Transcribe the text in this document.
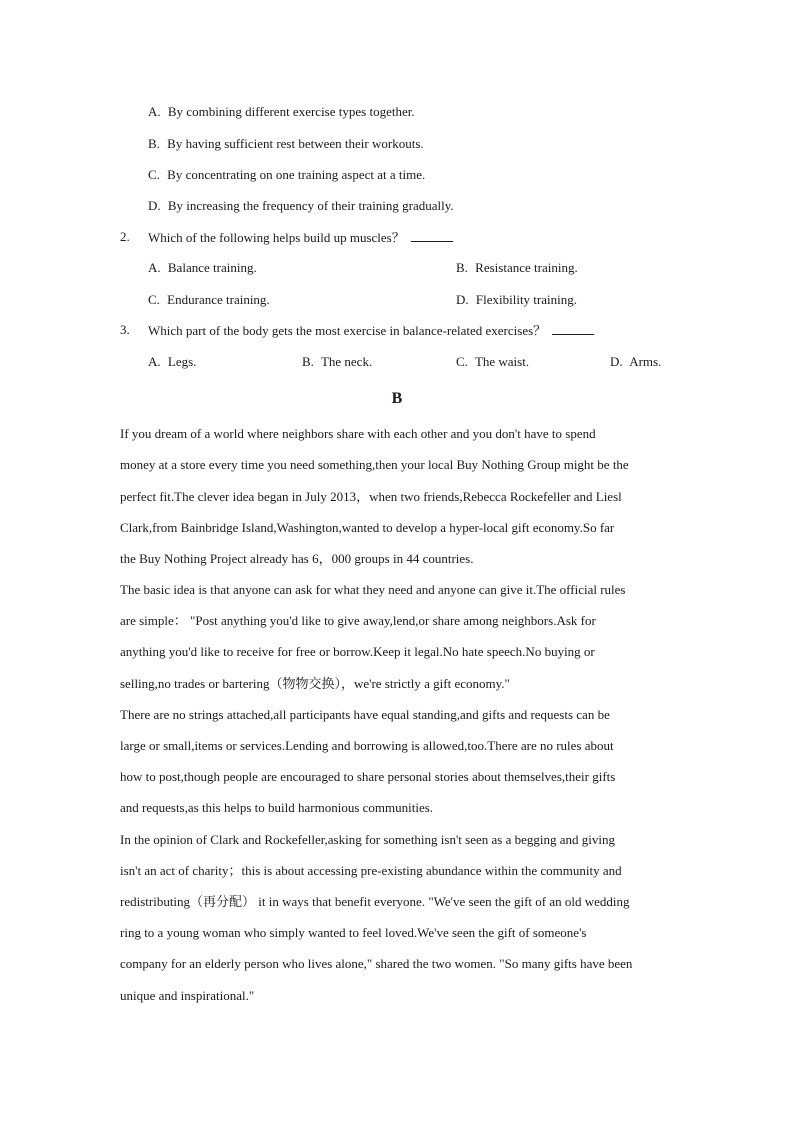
A. By combining different exercise types together.
B. By having sufficient rest between their workouts.
C. By concentrating on one training aspect at a time.
D. By increasing the frequency of their training gradually.
2. Which of the following helps build up muscles？
A. Balance training.	B. Resistance training.
C. Endurance training.	D. Flexibility training.
3. Which part of the body gets the most exercise in balance-related exercises？
A. Legs.	B. The neck.	C. The waist.	D. Arms.
B
If you dream of a world where neighbors share with each other and you don't have to spend
money at a store every time you need something,then your local Buy Nothing Group might be the
perfect fit.The clever idea began in July 2013，when two friends,Rebecca Rockefeller and Liesl
Clark,from Bainbridge Island,Washington,wanted to develop a hyper-local gift economy.So far
the Buy Nothing Project already has 6，000 groups in 44 countries.
The basic idea is that anyone can ask for what they need and anyone can give it.The official rules
are simple： "Post anything you'd like to give away,lend,or share among neighbors.Ask for
anything you'd like to receive for free or borrow.Keep it legal.No hate speech.No buying or
selling,no trades or bartering（物物交换），we're strictly a gift economy."
There are no strings attached,all participants have equal standing,and gifts and requests can be
large or small,items or services.Lending and borrowing is allowed,too.There are no rules about
how to post,though people are encouraged to share personal stories about themselves,their gifts
and requests,as this helps to build harmonious communities.
In the opinion of Clark and Rockefeller,asking for something isn't seen as a begging and giving
isn't an act of charity；this is about accessing pre-existing abundance within the community and
redistributing（再分配） it in ways that benefit everyone. "We've seen the gift of an old wedding
ring to a young woman who simply wanted to feel loved.We've seen the gift of someone's
company for an elderly person who lives alone," shared the two women. "So many gifts have been
unique and inspirational."
